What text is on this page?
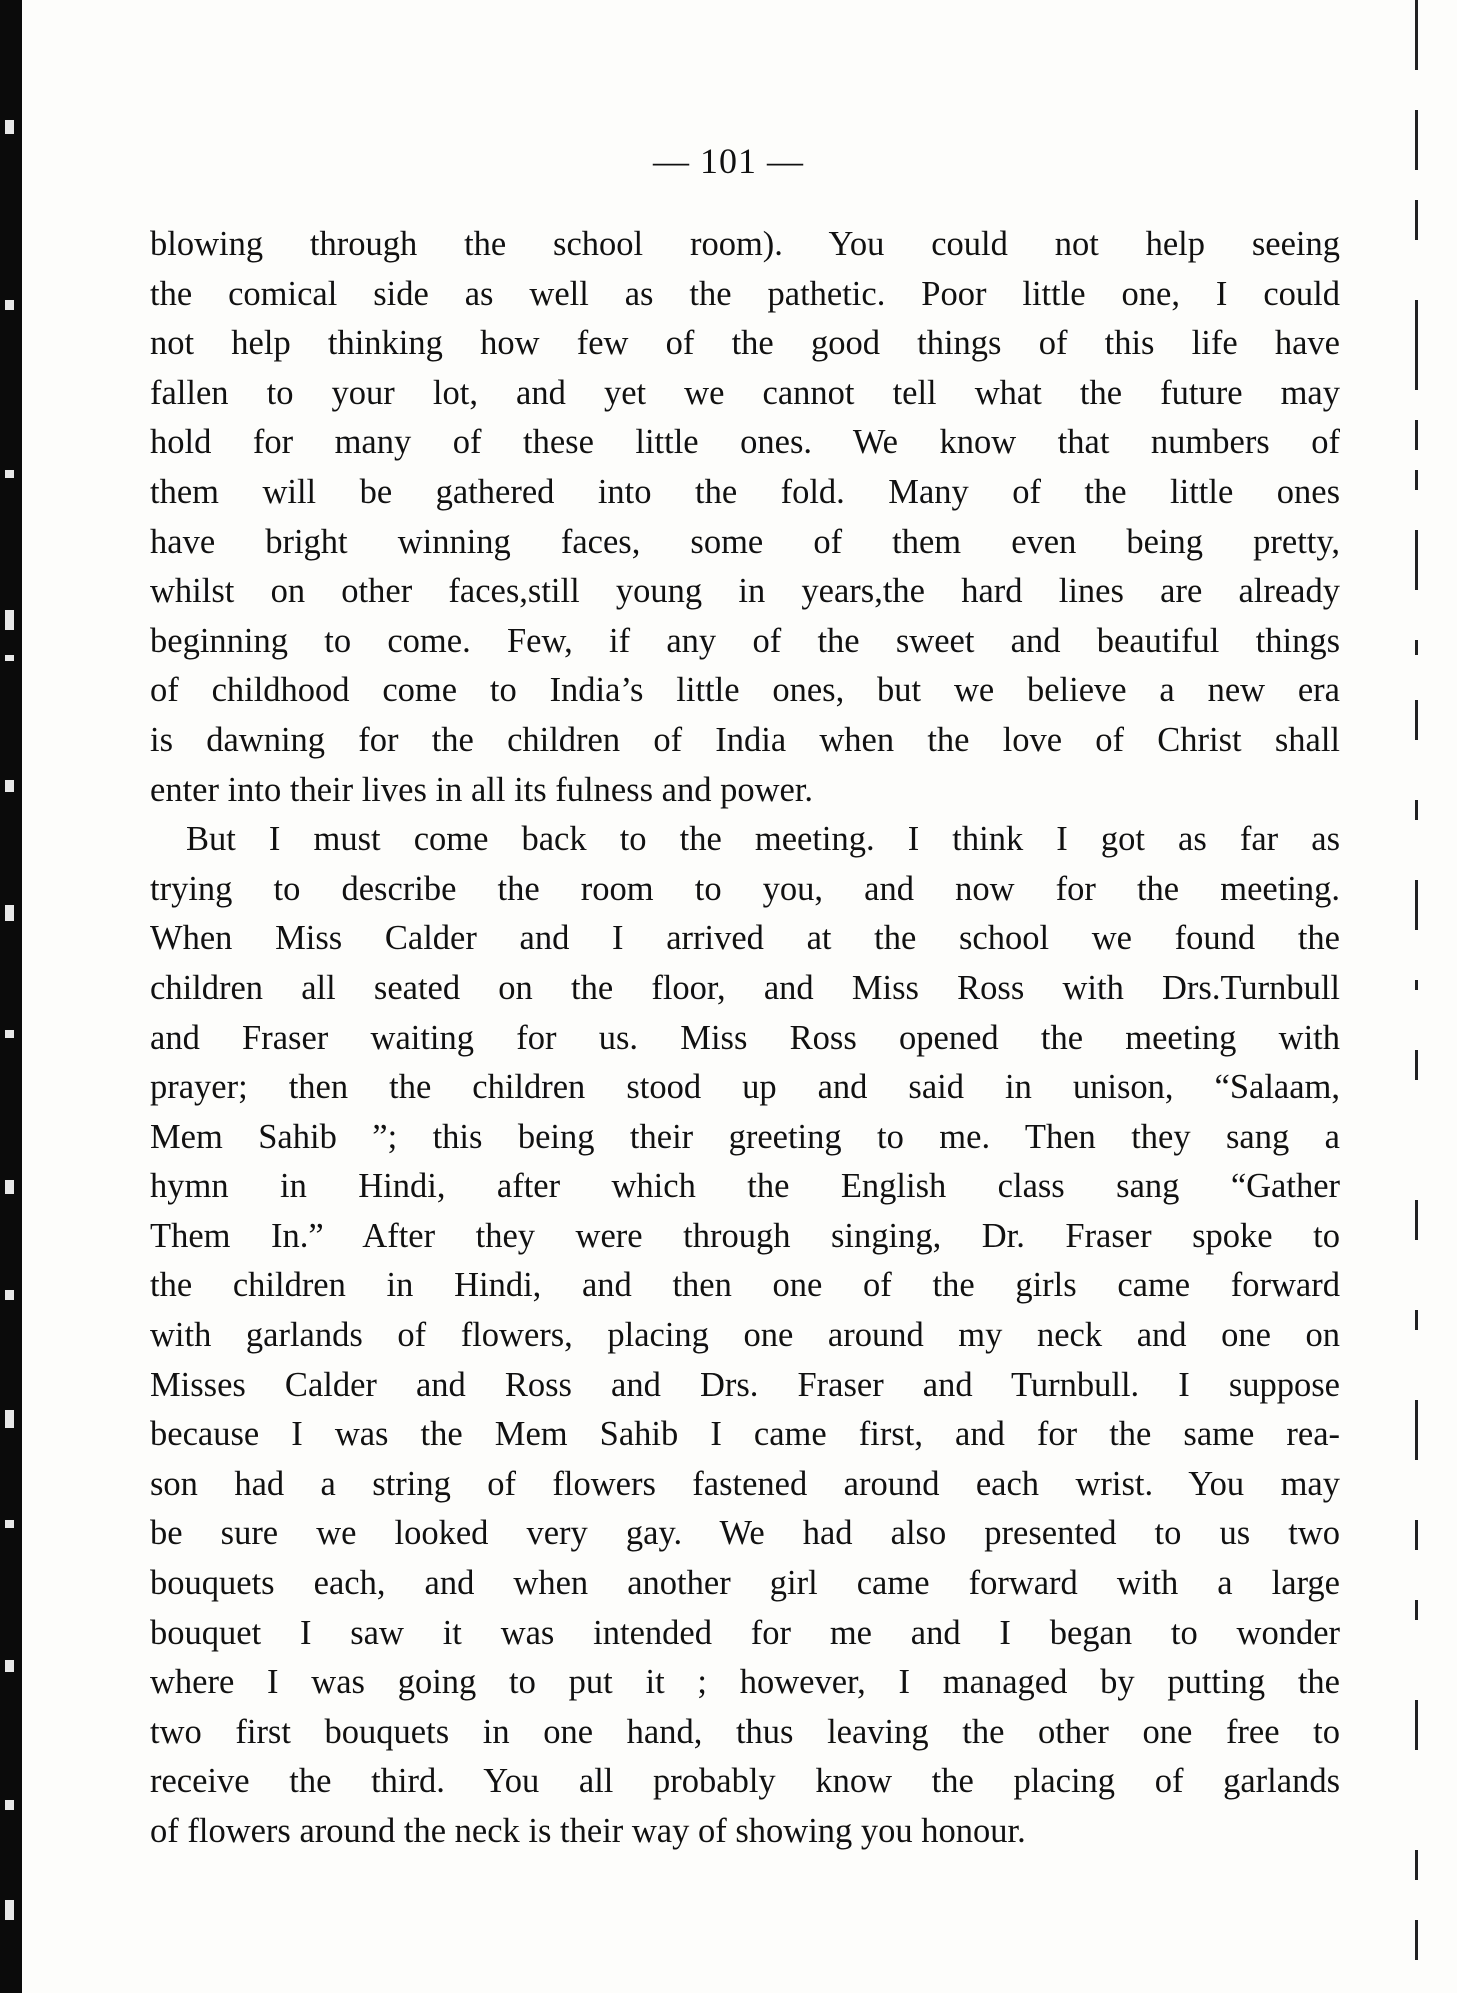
— 101 —

blowing through the school room). You could not help seeing
the comical side as well as the pathetic. Poor little one, I could
not help thinking how few of the good things of this life have
fallen to your lot, and yet we cannot tell what the future may
hold for many of these little ones. We know that numbers of
them will be gathered into the fold. Many of the little ones
have bright winning faces, some of them even being pretty,
whilst on other faces,still young in years,the hard lines are already
beginning to come. Few, if any of the sweet and beautiful things
of childhood come to India’s little ones, but we believe a new era
is dawning for the children of India when the love of Christ shall
enter into their lives in all its fulness and power.

But I must come back to the meeting. I think I got as far as
trying to describe the room to you, and now for the meeting.
When Miss Calder and I arrived at the school we found the
children all seated on the floor, and Miss Ross with Drs.Turnbull
and Fraser waiting for us. Miss Ross opened the meeting with
prayer; then the children stood up and said in unison, “Salaam,
Mem Sahib ”; this being their greeting to me. Then they sang a
hymn in Hindi, after which the English class sang “Gather
Them In.” After they were through singing, Dr. Fraser spoke to
the children in Hindi, and then one of the girls came forward
with garlands of flowers, placing one around my neck and one on
Misses Calder and Ross and Drs. Fraser and Turnbull. I suppose
because I was the Mem Sahib I came first, and for the same rea-
son had a string of flowers fastened around each wrist. You may
be sure we looked very gay. We had also presented to us two
bouquets each, and when another girl came forward with a large
bouquet I saw it was intended for me and I began to wonder
where I was going to put it ; however, I managed by putting the
two first bouquets in one hand, thus leaving the other one free to
receive the third. You all probably know the placing of garlands
of flowers around the neck is their way of showing you honour.
